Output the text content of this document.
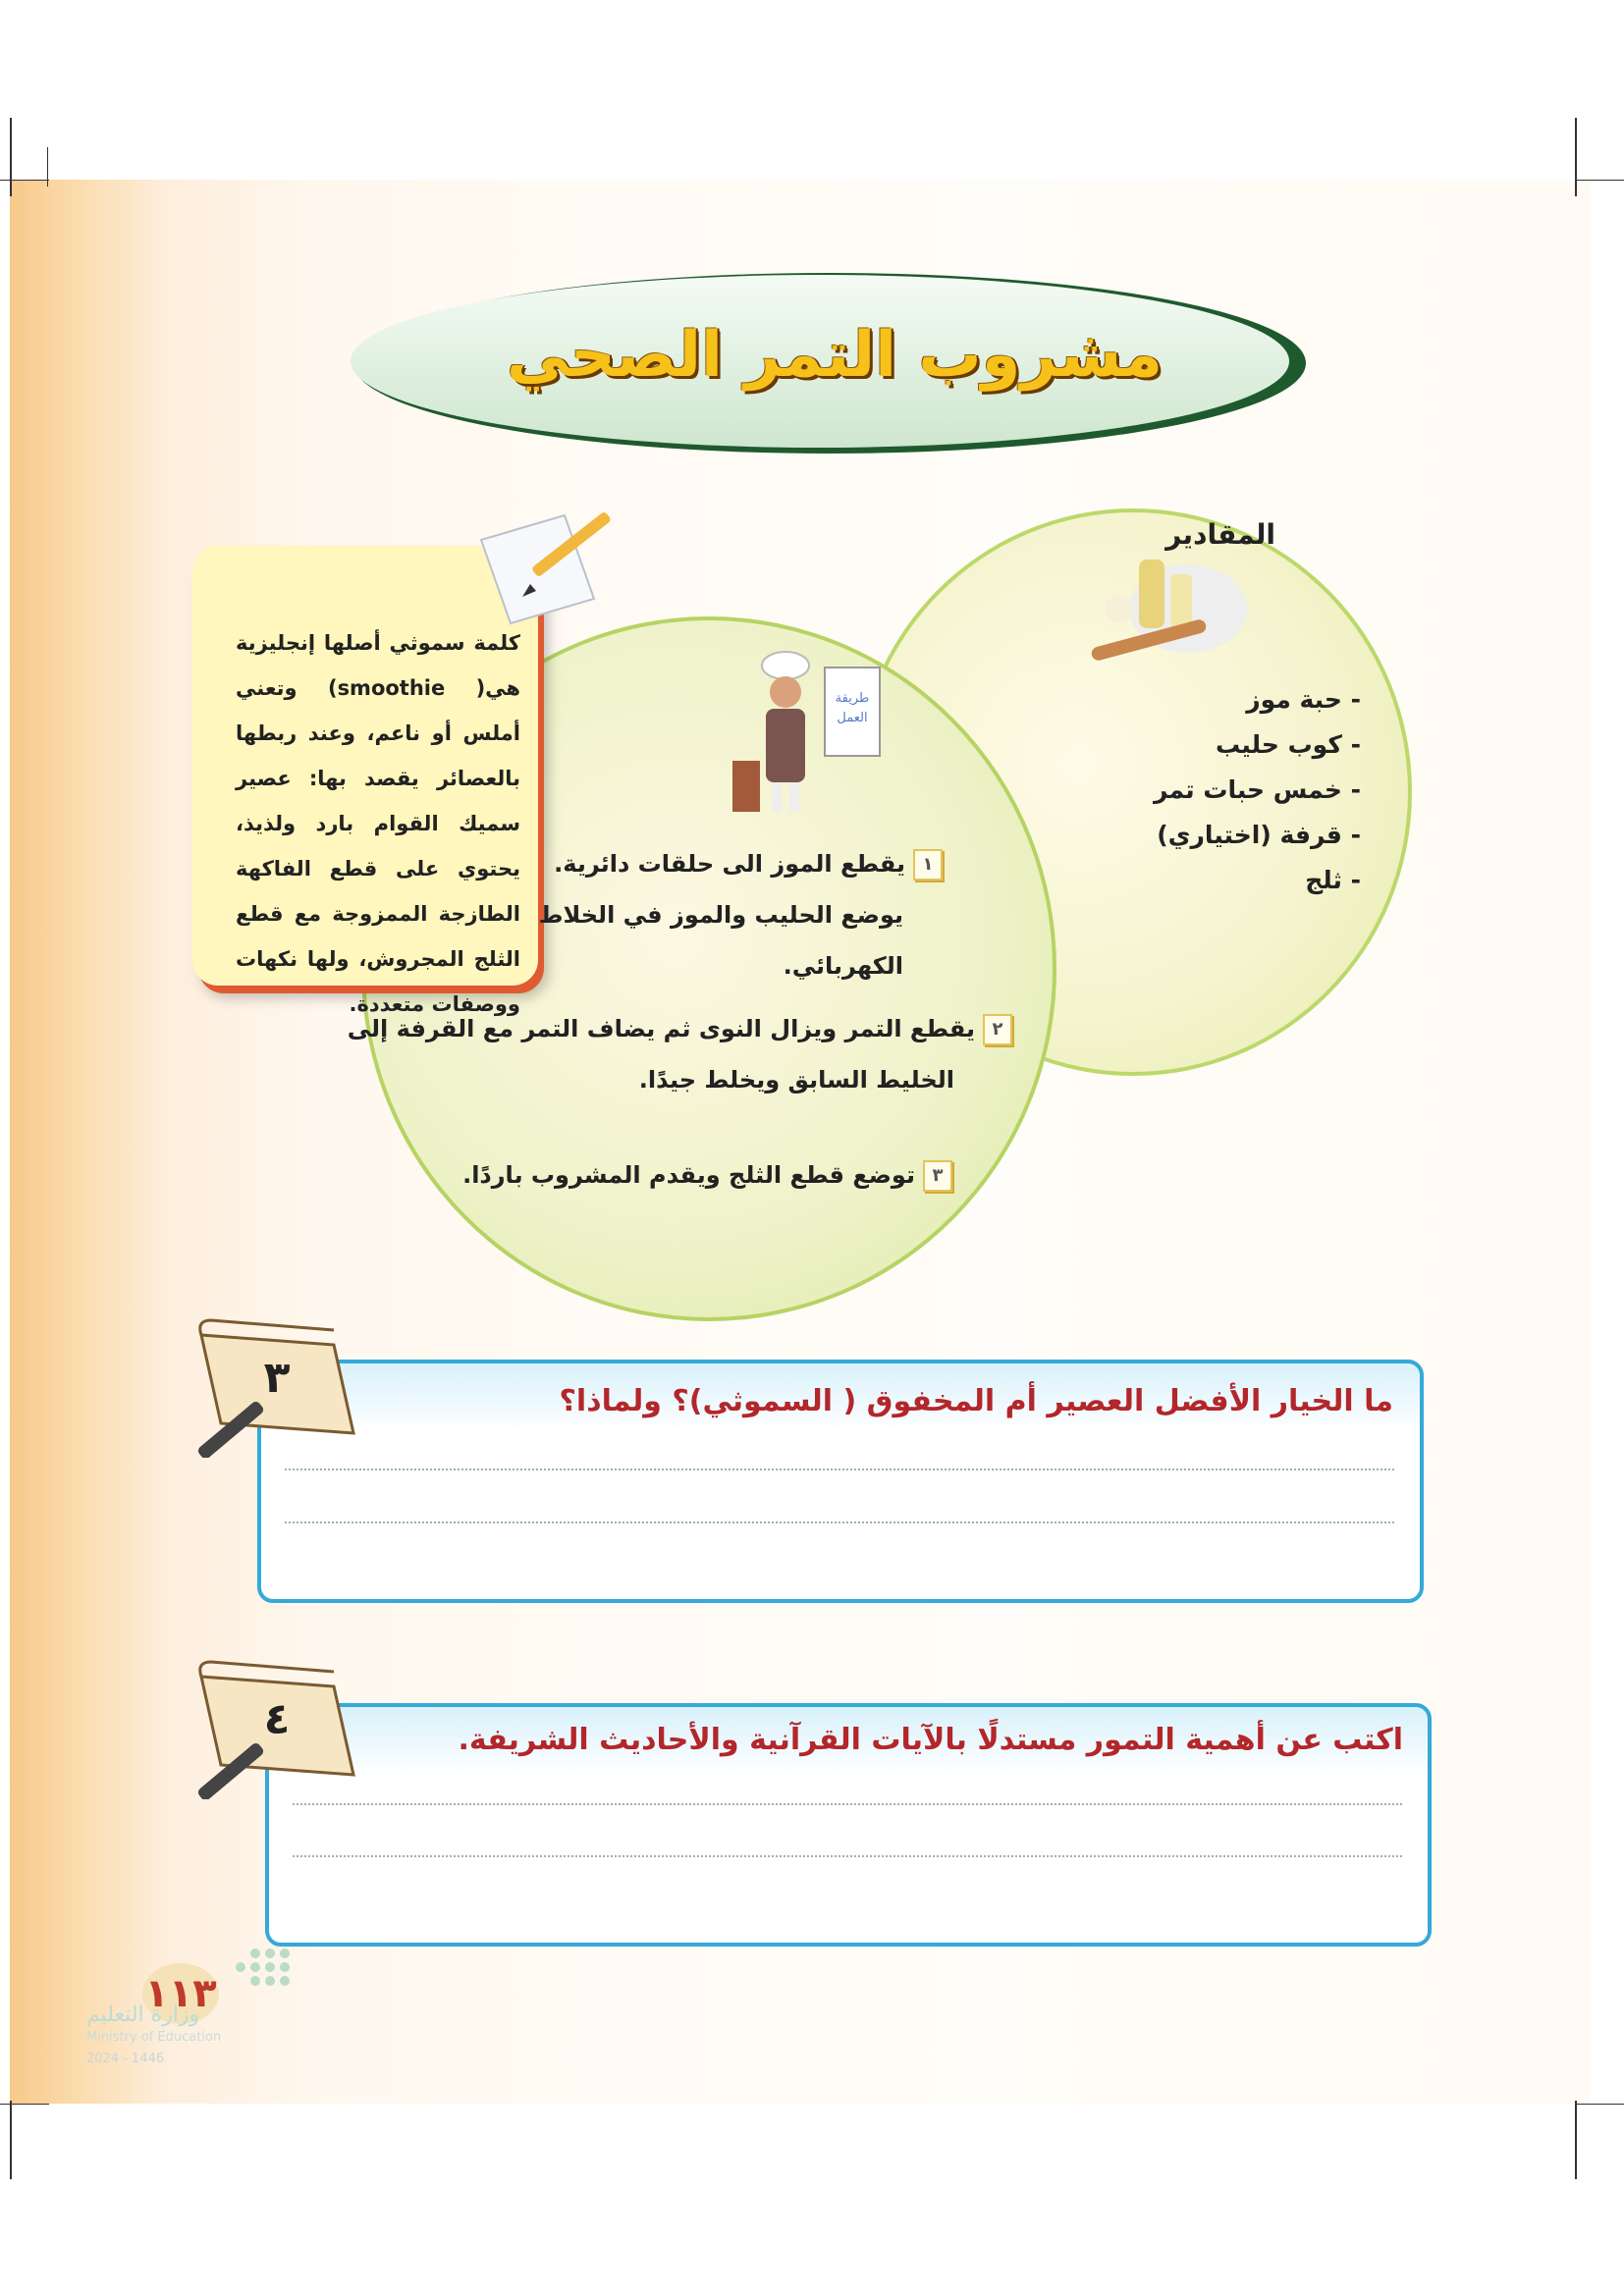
مشروب التمر الصحي
المقادير
- حبة موز
- كوب حليب
- خمس حبات تمر
- قرفة (اختياري)
- ثلج

كلمة سموثي أصلها إنجليزية هي( smoothie) وتعني أملس أو ناعم، وعند ربطها بالعصائر يقصد بها: عصير سميك القوام بارد ولذيذ، يحتوي على قطع الفاكهة الطازجة الممزوجة مع قطع الثلج المجروش، ولها نكهات ووصفات متعددة.

طريقة
العمل

١يقطع الموز الى حلقات دائرية.

يوضع الحليب والموز في الخلاط

الكهربائي.

٢يقطع التمر ويزال النوى ثم يضاف التمر مع القرفة إلى

الخليط السابق ويخلط جيدًا.

٣توضع قطع الثلج ويقدم المشروب باردًا.

٣	ما الخيار الأفضل العصير أم المخفوق ( السموثي)؟ ولماذا؟

٤	اكتب عن أهمية التمور مستدلًا بالآيات القرآنية والأحاديث الشريفة.

١١٣
وزارة التعليم
Ministry of Education
2024 - 1446
